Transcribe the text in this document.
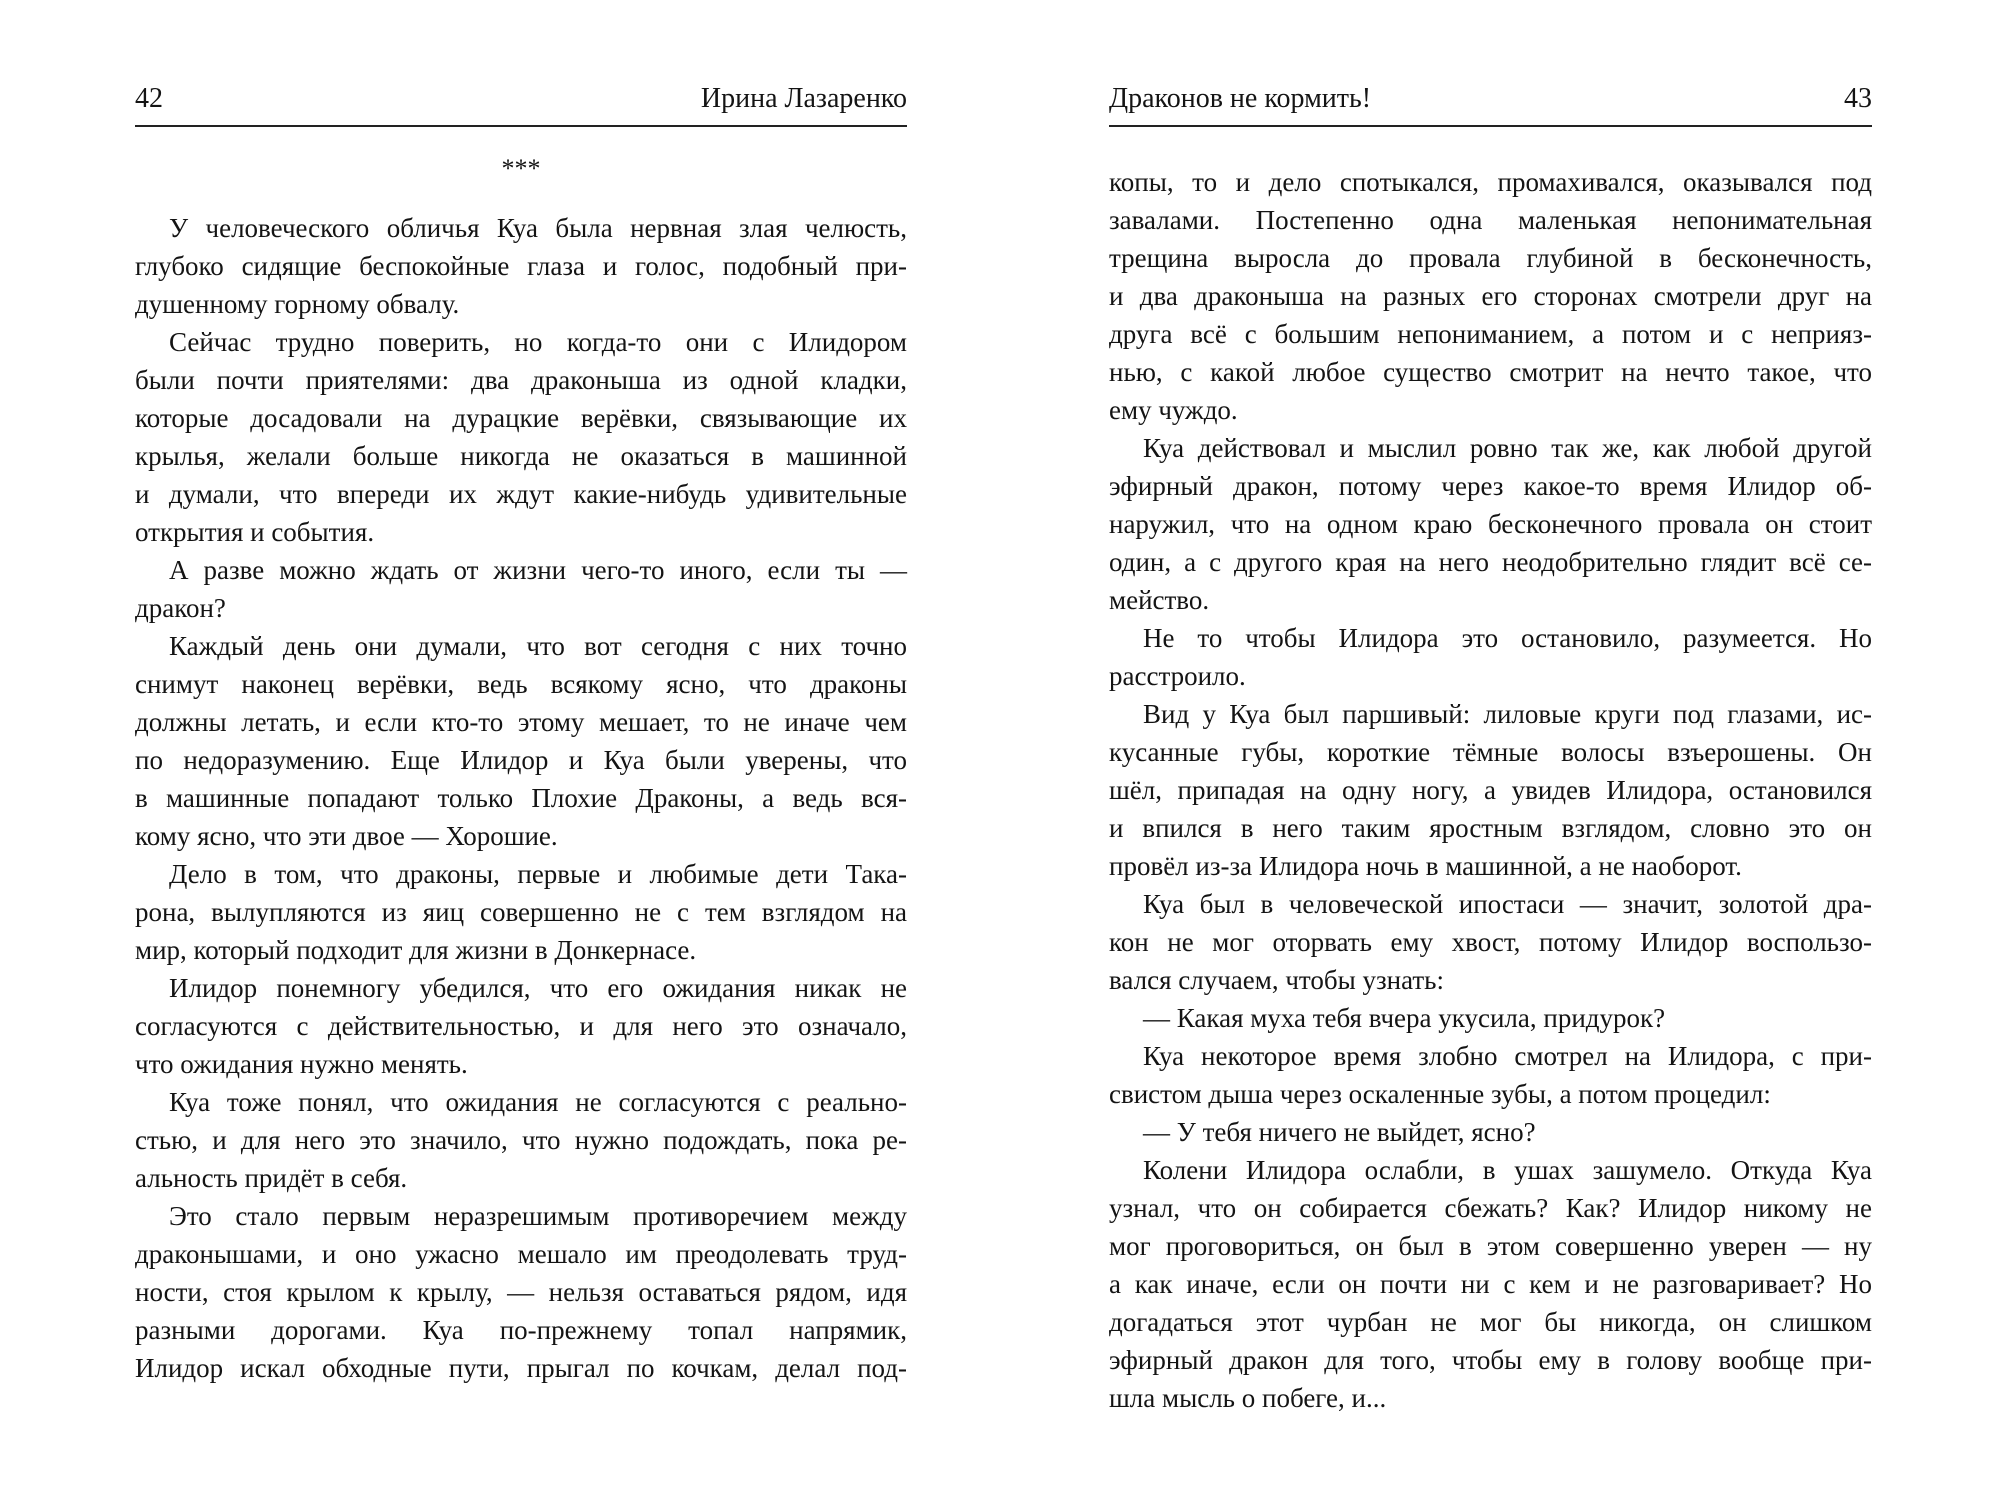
42	Ирина Лазаренко
***
У человеческого обличья Куа была нервная злая челюсть,
глубоко сидящие беспокойные глаза и голос, подобный при-
душенному горному обвалу.
Сейчас трудно поверить, но когда-то они с Илидором
были почти приятелями: два драконыша из одной кладки,
которые досадовали на дурацкие верёвки, связывающие их
крылья, желали больше никогда не оказаться в машинной
и думали, что впереди их ждут какие-нибудь удивительные
открытия и события.
А разве можно ждать от жизни чего-то иного, если ты —
дракон?
Каждый день они думали, что вот сегодня с них точно
снимут наконец верёвки, ведь всякому ясно, что драконы
должны летать, и если кто-то этому мешает, то не иначе чем
по недоразумению. Еще Илидор и Куа были уверены, что
в машинные попадают только Плохие Драконы, а ведь вся-
кому ясно, что эти двое — Хорошие.
Дело в том, что драконы, первые и любимые дети Така-
рона, вылупляются из яиц совершенно не с тем взглядом на
мир, который подходит для жизни в Донкернасе.
Илидор понемногу убедился, что его ожидания никак не
согласуются с действительностью, и для него это означало,
что ожидания нужно менять.
Куа тоже понял, что ожидания не согласуются с реально-
стью, и для него это значило, что нужно подождать, пока ре-
альность придёт в себя.
Это стало первым неразрешимым противоречием между
драконышами, и оно ужасно мешало им преодолевать труд-
ности, стоя крылом к крылу, — нельзя оставаться рядом, идя
разными дорогами. Куа по-прежнему топал напрямик,
Илидор искал обходные пути, прыгал по кочкам, делал под-
Драконов не кормить!	43
копы, то и дело спотыкался, промахивался, оказывался под
завалами. Постепенно одна маленькая непонимательная
трещина выросла до провала глубиной в бесконечность,
и два драконыша на разных его сторонах смотрели друг на
друга всё с большим непониманием, а потом и с неприяз-
нью, с какой любое существо смотрит на нечто такое, что
ему чуждо.
Куа действовал и мыслил ровно так же, как любой другой
эфирный дракон, потому через какое-то время Илидор об-
наружил, что на одном краю бесконечного провала он стоит
один, а с другого края на него неодобрительно глядит всё се-
мейство.
Не то чтобы Илидора это остановило, разумеется. Но
расстроило.
Вид у Куа был паршивый: лиловые круги под глазами, ис-
кусанные губы, короткие тёмные волосы взъерошены. Он
шёл, припадая на одну ногу, а увидев Илидора, остановился
и впился в него таким яростным взглядом, словно это он
провёл из-за Илидора ночь в машинной, а не наоборот.
Куа был в человеческой ипостаси — значит, золотой дра-
кон не мог оторвать ему хвост, потому Илидор воспользо-
вался случаем, чтобы узнать:
— Какая муха тебя вчера укусила, придурок?
Куа некоторое время злобно смотрел на Илидора, с при-
свистом дыша через оскаленные зубы, а потом процедил:
— У тебя ничего не выйдет, ясно?
Колени Илидора ослабли, в ушах зашумело. Откуда Куа
узнал, что он собирается сбежать? Как? Илидор никому не
мог проговориться, он был в этом совершенно уверен — ну
а как иначе, если он почти ни с кем и не разговаривает? Но
догадаться этот чурбан не мог бы никогда, он слишком
эфирный дракон для того, чтобы ему в голову вообще при-
шла мысль о побеге, и...
